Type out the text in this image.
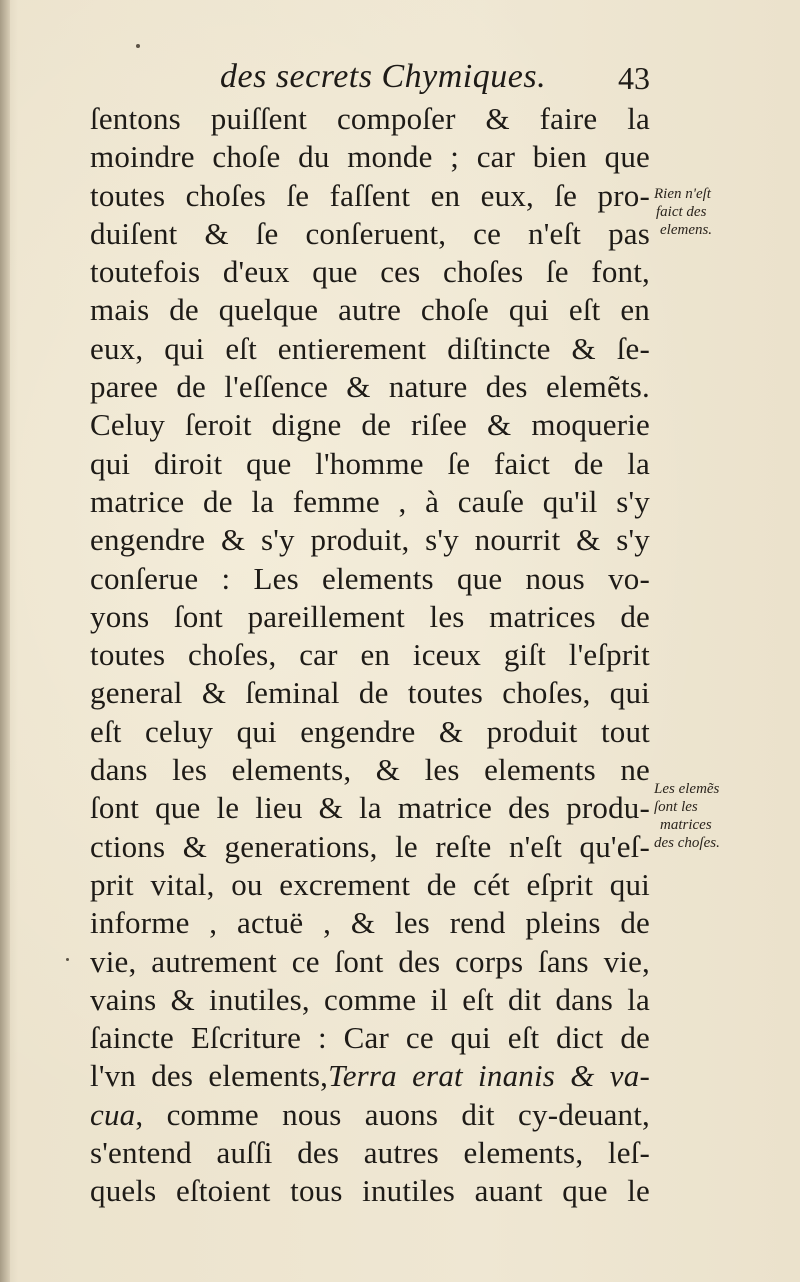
des secrets Chymiques. 43
ſentons puiſſent compoſer & faire la
moindre choſe du monde ; car bien que
toutes choſes ſe faſſent en eux, ſe pro-
duiſent & ſe conſeruent, ce n'eſt pas
toutefois d'eux que ces choſes ſe font,
mais de quelque autre choſe qui eſt en
eux, qui eſt entierement diſtincte & ſe-
paree de l'eſſence & nature des elemẽts.
Celuy ſeroit digne de riſee & moquerie
qui diroit que l'homme ſe faict de la
matrice de la femme , à cauſe qu'il s'y
engendre & s'y produit, s'y nourrit & s'y
conſerue : Les elements que nous vo-
yons ſont pareillement les matrices de
toutes choſes, car en iceux giſt l'eſprit
general & ſeminal de toutes choſes, qui
eſt celuy qui engendre & produit tout
dans les elements, & les elements ne
ſont que le lieu & la matrice des produ-
ctions & generations, le reſte n'eſt qu'eſ-
prit vital, ou excrement de cét eſprit qui
informe , actuë , & les rend pleins de
vie, autrement ce ſont des corps ſans vie,
vains & inutiles, comme il eſt dit dans la
ſaincte Eſcriture : Car ce qui eſt dict de
l'vn des elements,Terra erat inanis & va-
cua, comme nous auons dit cy-deuant,
s'entend auſſi des autres elements, leſ-
quels eſtoient tous inutiles auant que le
Rien n'eſt
faict des
elemens.
Les elemẽs
ſont les
matrices
des choſes.
